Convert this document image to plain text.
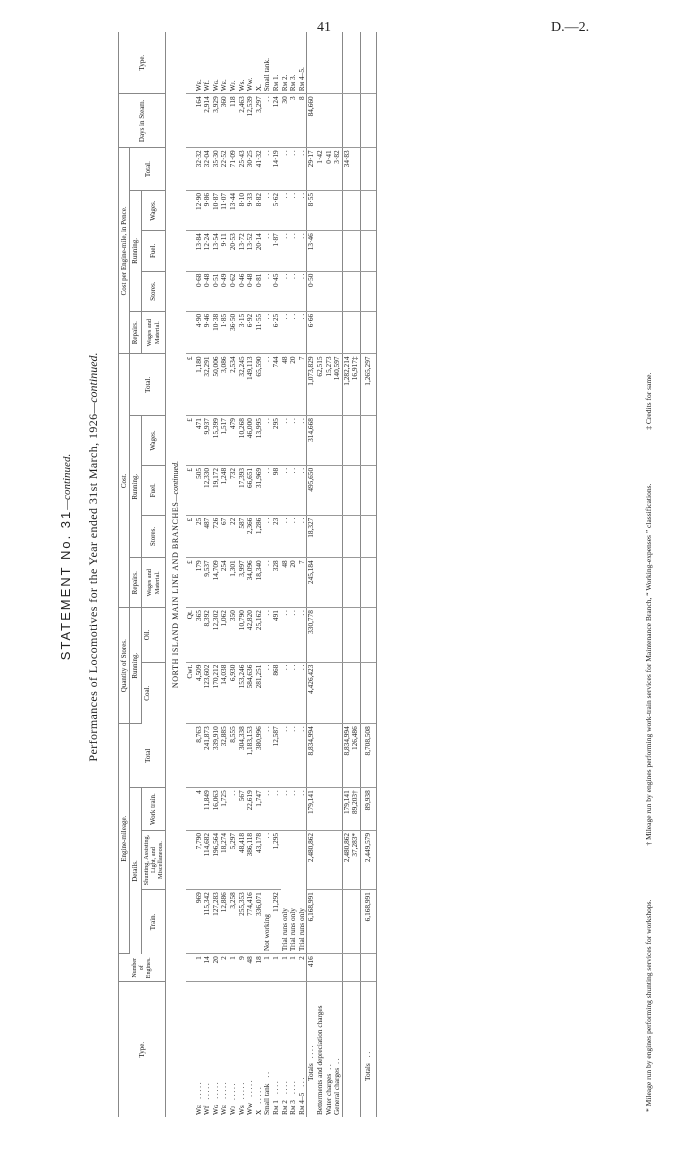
41	D.—2.
STATEMENT No. 31—continued. Performances of Locomotives for the Year ended 31st March, 1926—continued.
Type.	Number of Engines.	Engine-mileage.				Quantity of Stores.		Cost.					Cost per Engine-mile, in Pence.					Days in Steam.	Type.
		Details.			Total	Running.		Repairs.	Running.			Total.	Repairs.	Running.			Total.		
		Train.	Shunting, Assisting, Light, and Miscellaneous.	Work train.				Wages and Material.	Stores.	Fuel.	Wages.		Wages and Material.	Stores.	Fuel.	Wages.			
						Coal.	Oil.												
NORTH ISLAND MAIN LINE AND BRANCHES—continued.																			
						Cwt.	Qt.	£	£	£	£	£							
Wᴇ. . . . .	1	969	7,790	4	8,763	4,509	365	179	25	505	471	1,180	4·90	0·68	13·84	12·90	32·32	164	Wᴇ.
Wf. . . . .	14	115,342	114,682	11,849	241,873	123,602	8,392	9,537	487	12,330	9,937	32,291	9·46	0·48	12·24	9·86	32·04	2,914	Wf.
Wɢ. . . . .	20	127,283	196,564	16,063	339,910	170,212	12,302	14,709	726	19,172	15,399	50,006	10·38	0·51	13·54	10·87	35·30	3,929	Wɢ.
Wᴇ. . . . .	2	12,886	18,274	1,725	32,885	14,038	1,062	254	67	1,248	1,517	3,086	1·85	0·49	9·11	11·07	22·52	360	Wᴇ.
Wᴊ. . . . .	1	3,258	5,297	. .	8,555	6,930	350	1,301	22	732	479	2,534	36·50	0·62	20·53	13·44	71·09	118	Wᴊ.
Ws. . . . .	9	255,353	48,418	567	304,338	153,246	10,790	3,997	587	17,393	10,268	32,245	3·15	0·46	13·72	8·10	25·43	2,463	Ws.
Ww. . . . .	48	774,416	386,118	22,619	1,183,153	584,636	42,820	34,096	2,366	66,651	46,000	149,113	6·92	0·48	13·52	9·33	30·25	12,539	Ww.
X. . . . .	18	336,071	43,178	1,747	380,996	281,251	25,162	18,340	1,286	31,969	13,995	65,590	11·55	0·81	20·14	8·82	41·32	3,297	X.
Small tank. .	1	Not working	. .	. .	. .	. .	. .	. .	. .	. .	. .	. .	. .	. .	. .	. .	. .	. .	Small tank.
Rᴍ 1. . . .	1	11,292	1,295	. .	12,587	868	491	328	23	98	295	744	6·25	0·45	1·87	5·62	14·19	124	Rᴍ 1.
Rᴍ 2. . . .	1	Trial runs only		. .	. .	. .	. .	48	. .	. .	. .	48	. .	. .	. .	. .	. .	30	Rᴍ 2.
Rᴍ 3. . . .	1	Trial runs only		. .	. .	. .	. .	20	. .	. .	. .	20	. .	. .	. .	. .	. .	3	Rᴍ 3.
Rᴍ 4–5. . .	2	Trial runs only		. .	. .	. .	. .	7	. .	. .	. .	7	. .	. .	. .	. .	. .	8	Rᴍ 4–5.
Totals. . . .	416	6,168,991	2,480,862	179,141	8,834,994	4,426,423	330,778	245,184	18,327	495,650	314,668	1,073,829	6·66	0·50	13·46	8·55	29·17	84,660	
Betterments and depreciation charges												62,515					1·42		
Water charges. .												15,273					0·41		
General charges. .												140,597					3·82		
			2,480,862	179,141	8,834,994							1,282,214					34·83		
			37,283*	89,203†	126,486							16,917‡							
Totals. .		6,168,991	2,449,579	89,938	8,708,508							1,265,297							
* Mileage run by engines performing shunting services for workshops. † Mileage run by engines performing work-train services for Maintenance Branch, “ Working-expenses ” classifications. ‡ Credits for same.
